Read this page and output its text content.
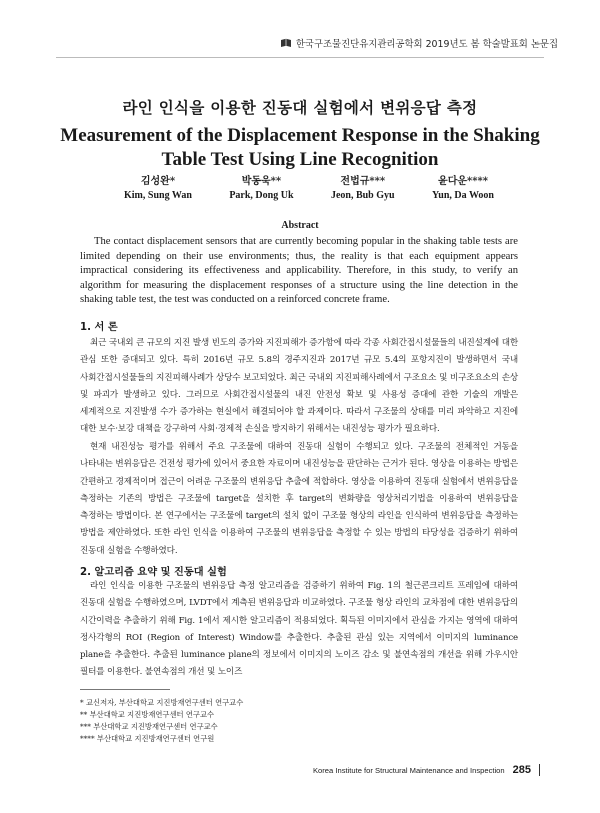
한국구조물진단유지관리공학회 2019년도 봄 학술발표회 논문집
라인 인식을 이용한 진동대 실험에서 변위응답 측정
Measurement of the Displacement Response in the Shaking Table Test Using Line Recognition
김성완*
Kim, Sung Wan
박동욱**
Park, Dong Uk
전법규***
Jeon, Bub Gyu
윤다운****
Yun, Da Woon
Abstract
The contact displacement sensors that are currently becoming popular in the shaking table tests are limited depending on their use environments; thus, the reality is that each equipment appears impractical considering its effectiveness and applicability. Therefore, in this study, to verify an algorithm for measuring the displacement responses of a structure using the line detection in the shaking table test, the test was conducted on a reinforced concrete frame.
1. 서 론
최근 국내외 큰 규모의 지진 발생 빈도의 증가와 지진피해가 증가함에 따라 각종 사회간접시설물들의 내진설계에 대한 관심 또한 증대되고 있다. 특히 2016년 규모 5.8의 경주지진과 2017년 규모 5.4의 포항지진이 발생하면서 국내 사회간접시설물들의 지진피해사례가 상당수 보고되었다. 최근 국내외 지진피해사례에서 구조요소 및 비구조요소의 손상 및 파괴가 발생하고 있다. 그러므로 사회간접시설물의 내진 안전성 확보 및 사용성 증대에 관한 기술의 개발은 세계적으로 지진발생 수가 증가하는 현실에서 해결되어야 할 과제이다. 따라서 구조물의 상태를 미리 파악하고 지진에 대한 보수·보강 대책을 강구하여 사회·경제적 손실을 방지하기 위해서는 내진성능 평가가 필요하다.
현재 내진성능 평가를 위해서 주요 구조물에 대하여 진동대 실험이 수행되고 있다. 구조물의 전체적인 거동을 나타내는 변위응답은 건전성 평가에 있어서 중요한 자료이며 내진성능을 판단하는 근거가 된다. 영상을 이용하는 방법은 간편하고 경제적이며 접근이 어려운 구조물의 변위응답 추출에 적합하다. 영상을 이용하여 진동대 실험에서 변위응답을 측정하는 기존의 방법은 구조물에 target을 설치한 후 target의 변화량을 영상처리기법을 이용하여 변위응답을 측정하는 방법이다. 본 연구에서는 구조물에 target의 설치 없이 구조물 형상의 라인을 인식하여 변위응답을 측정하는 방법을 제안하였다. 또한 라인 인식을 이용하여 구조물의 변위응답을 측정할 수 있는 방법의 타당성을 검증하기 위하여 진동대 실험을 수행하였다.
2. 알고리즘 요약 및 진동대 실험
라인 인식을 이용한 구조물의 변위응답 측정 알고리즘을 검증하기 위하여 Fig. 1의 철근콘크리트 프레임에 대하여 진동대 실험을 수행하였으며, LVDT에서 계측된 변위응답과 비교하였다. 구조물 형상 라인의 교차점에 대한 변위응답의 시간이력을 추출하기 위해 Fig. 1에서 제시한 알고리즘이 적용되었다. 획득된 이미지에서 관심을 가지는 영역에 대하여 정사각형의 ROI (Region of Interest) Window를 추출한다. 추출된 관심 있는 지역에서 이미지의 luminance plane을 추출한다. 추출된 luminance plane의 정보에서 이미지의 노이즈 감소 및 불연속점의 개선을 위해 가우시안 필터를 이용한다. 불연속점의 개선 및 노이즈
* 교신저자, 부산대학교 지진방재연구센터 연구교수
** 부산대학교 지진방재연구센터 연구교수
*** 부산대학교 지진방재연구센터 연구교수
**** 부산대학교 지진방재연구센터 연구원
Korea Institute for Structural Maintenance and Inspection 285
